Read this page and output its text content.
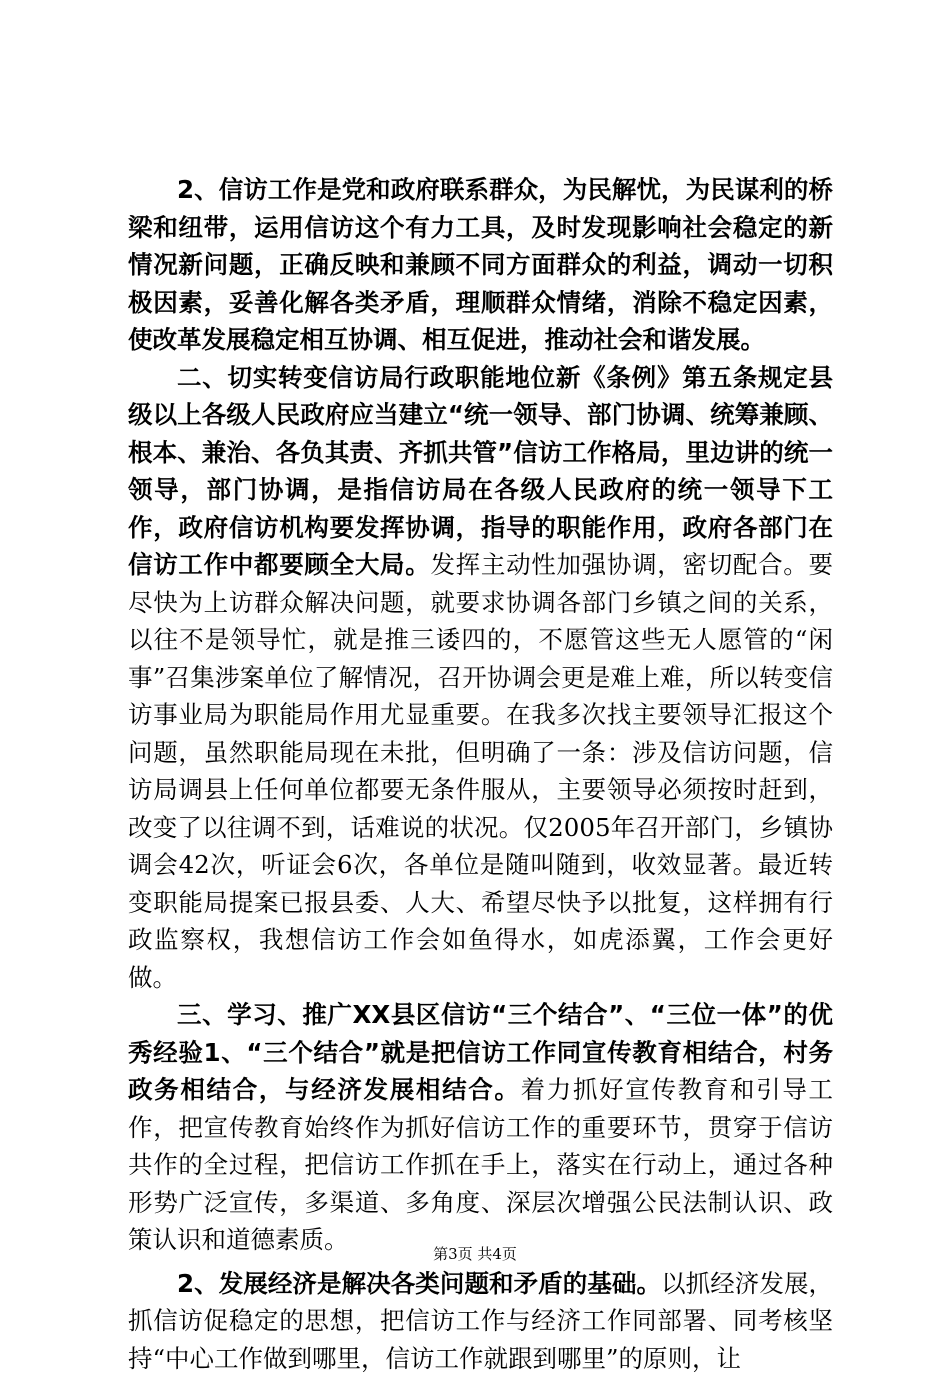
2、信访工作是党和政府联系群众，为民解忧，为民谋利的桥梁和纽带，运用信访这个有力工具，及时发现影响社会稳定的新情况新问题，正确反映和兼顾不同方面群众的利益，调动一切积极因素，妥善化解各类矛盾，理顺群众情绪，消除不稳定因素，使改革发展稳定相互协调、相互促进，推动社会和谐发展。

二、切实转变信访局行政职能地位新《条例》第五条规定县级以上各级人民政府应当建立“统一领导、部门协调、统筹兼顾、根本、兼治、各负其责、齐抓共管”信访工作格局，里边讲的统一领导，部门协调，是指信访局在各级人民政府的统一领导下工作，政府信访机构要发挥协调，指导的职能作用，政府各部门在信访工作中都要顾全大局。发挥主动性加强协调，密切配合。要尽快为上访群众解决问题，就要求协调各部门乡镇之间的关系，以往不是领导忙，就是推三诿四的，不愿管这些无人愿管的“闲事”召集涉案单位了解情况，召开协调会更是难上难，所以转变信访事业局为职能局作用尤显重要。在我多次找主要领导汇报这个问题，虽然职能局现在未批，但明确了一条：涉及信访问题，信访局调县上任何单位都要无条件服从，主要领导必须按时赶到，改变了以往调不到，话难说的状况。仅2005年召开部门，乡镇协调会42次，听证会6次，各单位是随叫随到，收效显著。最近转变职能局提案已报县委、人大、希望尽快予以批复，这样拥有行政监察权，我想信访工作会如鱼得水，如虎添翼，工作会更好做。

三、学习、推广XX县区信访“三个结合”、“三位一体”的优秀经验1、“三个结合”就是把信访工作同宣传教育相结合，村务政务相结合，与经济发展相结合。着力抓好宣传教育和引导工作，把宣传教育始终作为抓好信访工作的重要环节，贯穿于信访共作的全过程，把信访工作抓在手上，落实在行动上，通过各种形势广泛宣传，多渠道、多角度、深层次增强公民法制认识、政策认识和道德素质。

2、发展经济是解决各类问题和矛盾的基础。以抓经济发展，抓信访促稳定的思想，把信访工作与经济工作同部署、同考核坚持“中心工作做到哪里，信访工作就跟到哪里”的原则，让

第3页 共4页
